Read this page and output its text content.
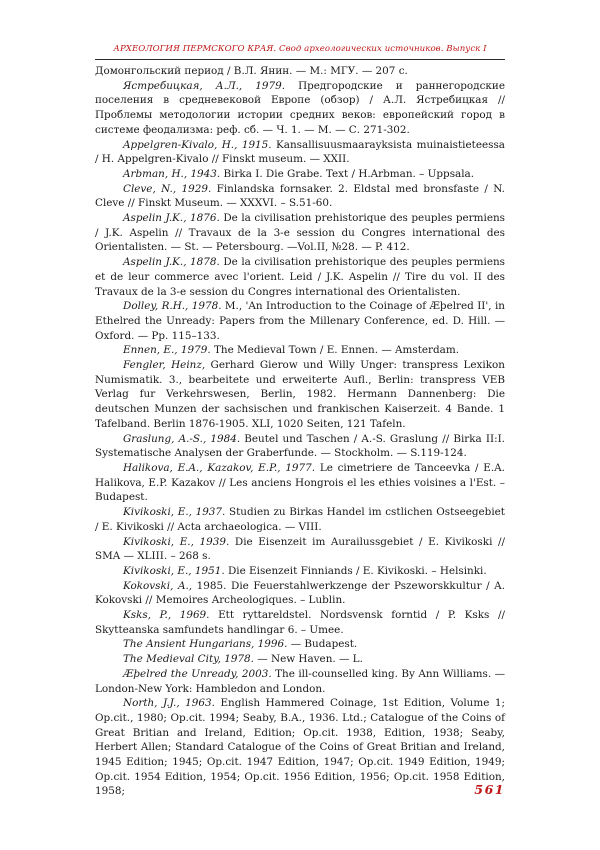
АРХЕОЛОГИЯ ПЕРМСКОГО КРАЯ. Свод археологических источников. Выпуск I

Домонгольский период / В.Л. Янин. — М.: МГУ. — 207 с.

Ястребицкая, А.Л., 1979. Предгородские и раннегородские поселения в средневековой Европе (обзор) / А.Л. Ястребицкая // Проблемы методологии истории средних веков: европейский город в системе феодализма: реф. сб. — Ч. 1. — М. — С. 271-302.

Appelgren-Kivalo, H., 1915. Kansallisuusmaarayksista muinaistieteessa / H. Appelgren-Kivalo // Finskt museum. — XXII.

Arbman, H., 1943. Birka I. Die Grabe. Text / H.Arbman. – Uppsala.

Cleve, N., 1929. Finlandska fornsaker. 2. Eldstal med bronsfaste / N. Cleve // Finskt Museum. — XXXVI. – S.51-60.

Aspelin J.K., 1876. De la civilisation prehistorique des peuples permiens / J.K. Aspelin // Travaux de la 3-e session du Congres international des Orientalisten. — St. — Petersbourg. —Vol.II, №28. — P. 412.

Aspelin J.K., 1878. De la civilisation prehistorique des peuples permiens et de leur commerce avec l'orient. Leid / J.K. Aspelin // Tire du vol. II des Travaux de la 3-e session du Congres international des Orientalisten.

Dolley, R.H., 1978. M., 'An Introduction to the Coinage of Æþelred II', in Ethelred the Unready: Papers from the Millenary Conference, ed. D. Hill. — Oxford. — Pp. 115–133.

Ennen, E., 1979. The Medieval Town / E. Ennen. — Amsterdam.

Fengler, Heinz, Gerhard Gierow und Willy Unger: transpress Lexikon Numismatik. 3., bearbeitete und erweiterte Aufl., Berlin: transpress VEB Verlag fur Verkehrswesen, Berlin, 1982. Hermann Dannenberg: Die deutschen Munzen der sachsischen und frankischen Kaiserzeit. 4 Bande. 1 Tafelband. Berlin 1876-1905. XLI, 1020 Seiten, 121 Tafeln.

Graslung, A.-S., 1984. Beutel und Taschen / A.-S. Graslung // Birka II:I. Systematische Analysen der Graberfunde. — Stockholm. — S.119-124.

Halikova, E.A., Kazakov, E.P., 1977. Le cimetriere de Tanceevka / E.A. Halikova, E.P. Kazakov // Les anciens Hongrois el les ethies voisines a l'Est. – Budapest.

Kivikoski, E., 1937. Studien zu Birkas Handel im cstlichen Ostseegebiet / E. Kivikoski // Acta archaeologica. — VIII.

Kivikoski, E., 1939. Die Eisenzeit im Aurailussgebiet / E. Kivikoski // SMA — XLIII. – 268 s.

Kivikoski, E., 1951. Die Eisenzeit Finniands / E. Kivikoski. – Helsinki.

Kokovski, A., 1985. Die Feuerstahlwerkzenge der Pszeworskkultur / A. Kokovski // Memoires Archeologiques. – Lublin.

Ksks, P., 1969. Ett ryttareldstel. Nordsvensk forntid / P. Ksks // Skytteanska samfundets handlingar 6. – Umee.

The Ansient Hungarians, 1996. — Budapest.

The Medieval City, 1978. — New Haven. — L.

Æþelred the Unready, 2003. The ill-counselled king. By Ann Williams. — London-New York: Hambledon and London.

North, J.J., 1963. English Hammered Coinage, 1st Edition, Volume 1; Op.cit., 1980; Op.cit. 1994; Seaby, B.A., 1936. Ltd.; Catalogue of the Coins of Great Britian and Ireland, Edition; Op.cit. 1938, Edition, 1938; Seaby, Herbert Allen; Standard Catalogue of the Coins of Great Britian and Ireland, 1945 Edition; 1945; Op.cit. 1947 Edition, 1947; Op.cit. 1949 Edition, 1949; Op.cit. 1954 Edition, 1954; Op.cit. 1956 Edition, 1956; Op.cit. 1958 Edition, 1958;	561
